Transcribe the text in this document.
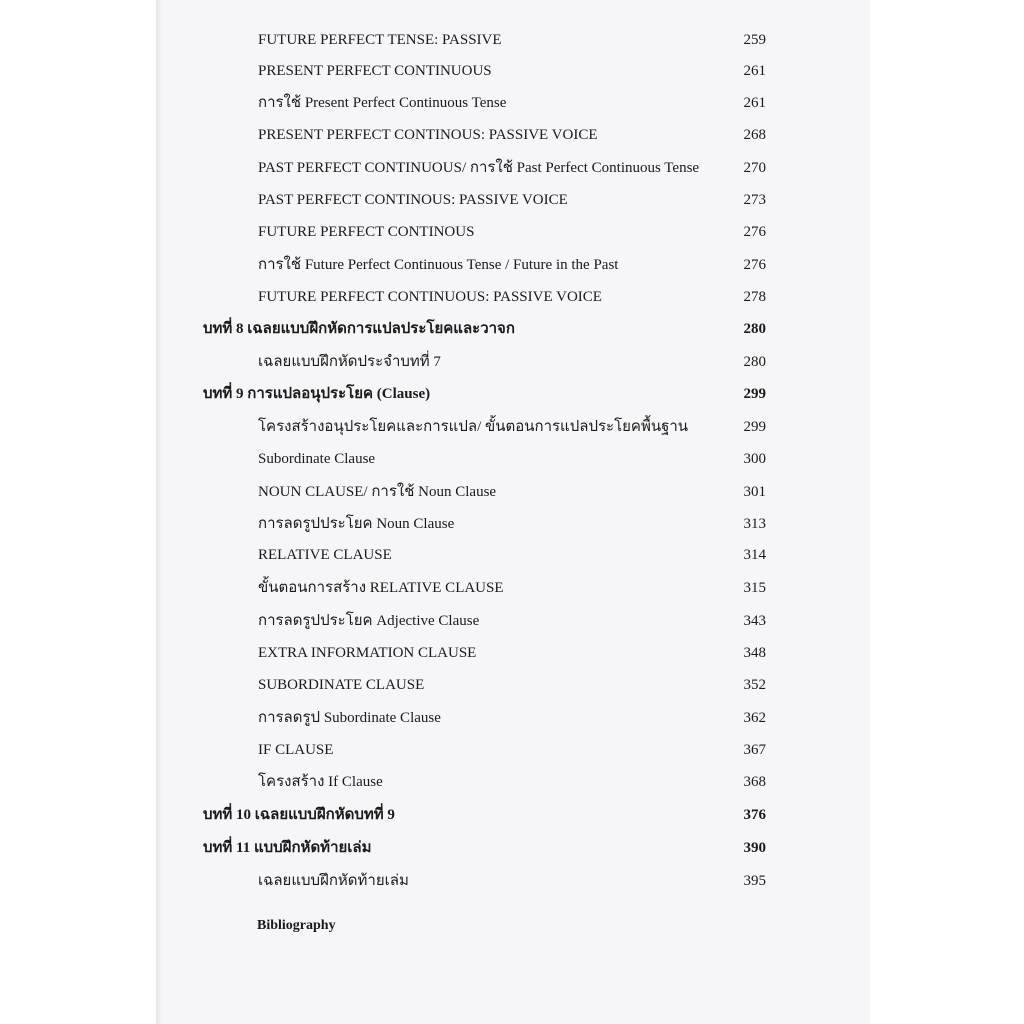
FUTURE PERFECT TENSE: PASSIVE	259
PRESENT PERFECT CONTINUOUS	261
การใช้ Present Perfect Continuous Tense	261
PRESENT PERFECT CONTINOUS: PASSIVE VOICE	268
PAST PERFECT CONTINUOUS/ การใช้ Past Perfect Continuous Tense	270
PAST PERFECT CONTINOUS: PASSIVE VOICE	273
FUTURE PERFECT CONTINOUS	276
การใช้ Future Perfect Continuous Tense / Future in the Past	276
FUTURE PERFECT CONTINUOUS: PASSIVE VOICE	278
บทที่ 8 เฉลยแบบฝึกหัดการแปลประโยคและวาจก	280
เฉลยแบบฝึกหัดประจำบทที่ 7	280
บทที่ 9 การแปลอนุประโยค (Clause)	299
โครงสร้างอนุประโยคและการแปล/ ขั้นตอนการแปลประโยคพื้นฐาน	299
Subordinate Clause	300
NOUN CLAUSE/ การใช้ Noun Clause	301
การลดรูปประโยค Noun Clause	313
RELATIVE CLAUSE	314
ขั้นตอนการสร้าง RELATIVE CLAUSE	315
การลดรูปประโยค Adjective Clause	343
EXTRA INFORMATION CLAUSE	348
SUBORDINATE CLAUSE	352
การลดรูป Subordinate Clause	362
IF CLAUSE	367
โครงสร้าง If Clause	368
บทที่ 10 เฉลยแบบฝึกหัดบทที่ 9	376
บทที่ 11 แบบฝึกหัดท้ายเล่ม	390
เฉลยแบบฝึกหัดท้ายเล่ม	395
Bibliography
